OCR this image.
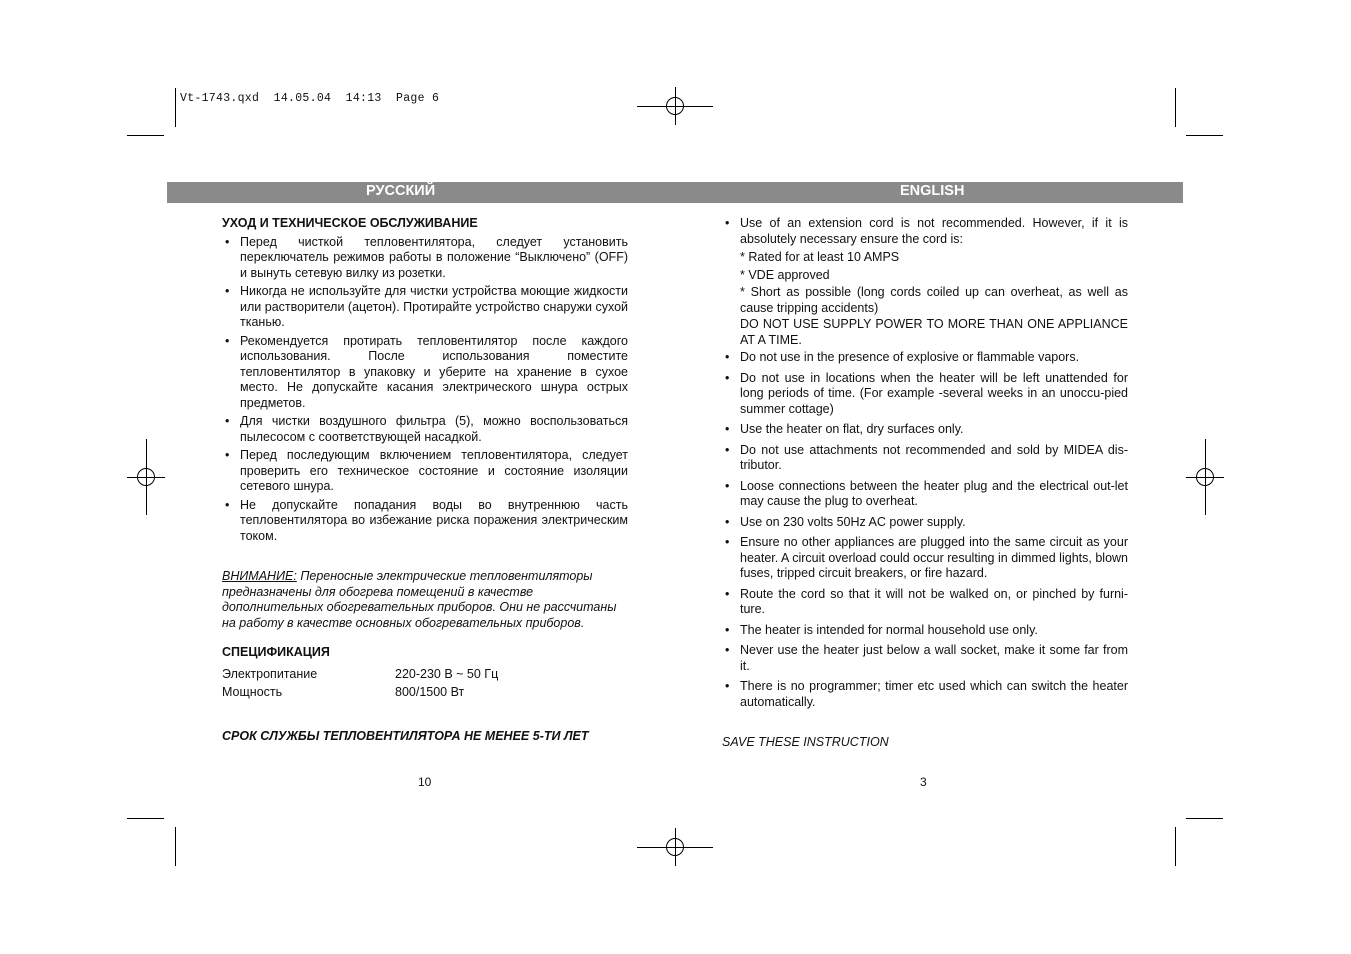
Vt-1743.qxd  14.05.04  14:13  Page 6
РУССКИЙ	ENGLISH
УХОД И ТЕХНИЧЕСКОЕ ОБСЛУЖИВАНИЕ
• Перед чисткой тепловентилятора, следует установить переключатель режимов работы в положение “Выключено” (OFF) и вынуть сетевую вилку из розетки.
• Никогда не используйте для чистки устройства моющие жидкости или растворители (ацетон). Протирайте устройство снаружи сухой тканью.
• Рекомендуется протирать тепловентилятор после каждого использования. После использования поместите тепловентилятор в упаковку и уберите на хранение в сухое место. Не допускайте касания электрического шнура острых предметов.
• Для чистки воздушного фильтра (5), можно воспользоваться пылесосом с соответствующей насадкой.
• Перед последующим включением тепловентилятора, следует проверить его техническое состояние и состояние изоляции сетевого шнура.
• Не допускайте попадания воды во внутреннюю часть тепловентилятора во избежание риска поражения электрическим током.
ВНИМАНИЕ: Переносные электрические тепловентиляторы предназначены для обогрева помещений в качестве дополнительных обогревательных приборов. Они не рассчитаны на работу в качестве основных обогревательных приборов.
СПЕЦИФИКАЦИЯ
Электропитание	220-230 В ~ 50 Гц
Мощность	800/1500 Вт
СРОК СЛУЖБЫ ТЕПЛОВЕНТИЛЯТОРА НЕ МЕНЕЕ 5-ТИ ЛЕТ
• Use of an extension cord is not recommended. However, if it is absolutely necessary ensure the cord is:
* Rated for at least 10 AMPS
* VDE approved
* Short as possible (long cords coiled up can overheat, as well as cause tripping accidents)
DO NOT USE SUPPLY POWER TO MORE THAN ONE APPLIANCE AT A TIME.
• Do not use in the presence of explosive or flammable vapors.
• Do not use in locations when the heater will be left unattended for long periods of time. (For example -several weeks in an unoccu-pied summer cottage)
• Use the heater on flat, dry surfaces only.
• Do not use attachments not recommended and sold by MIDEA dis-tributor.
• Loose connections between the heater plug and the electrical out-let may cause the plug to overheat.
• Use on 230 volts 50Hz AC power supply.
• Ensure no other appliances are plugged into the same circuit as your heater. A circuit overload could occur resulting in dimmed lights, blown fuses, tripped circuit breakers, or fire hazard.
• Route the cord so that it will not be walked on, or pinched by furni-ture.
• The heater is intended for normal household use only.
• Never use the heater just below a wall socket, make it some far from it.
• There is no programmer; timer etc used which can switch the heater automatically.
SAVE THESE INSTRUCTION
10	3
